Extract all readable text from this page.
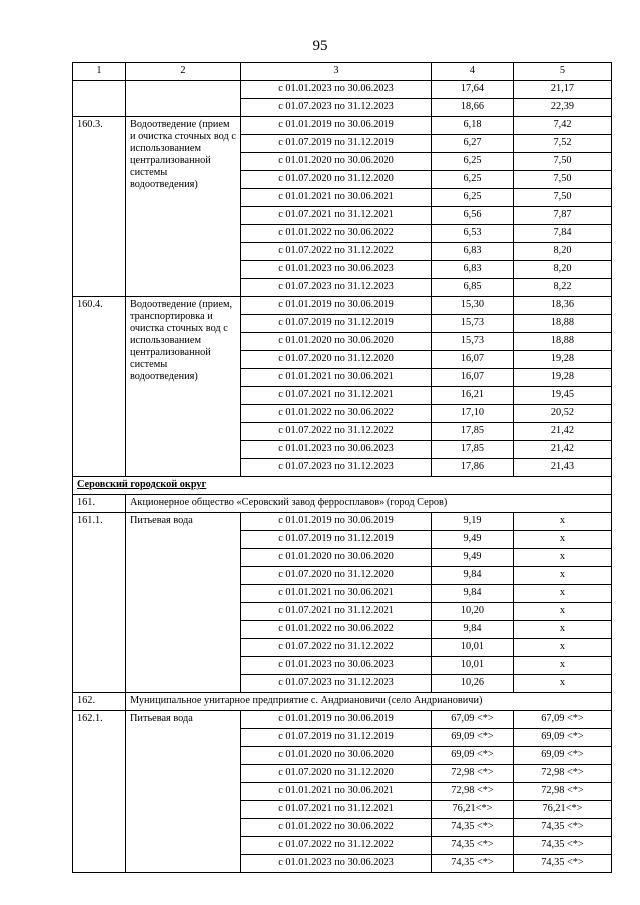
95
1	2	3	4	5
		с 01.01.2023 по 30.06.2023	17,64	21,17
		с 01.07.2023 по 31.12.2023	18,66	22,39
160.3.	Водоотведение (прием и очистка сточных вод с использованием централизованной системы водоотведения)	с 01.01.2019 по 30.06.2019	6,18	7,42
		с 01.07.2019 по 31.12.2019	6,27	7,52
		с 01.01.2020 по 30.06.2020	6,25	7,50
		с 01.07.2020 по 31.12.2020	6,25	7,50
		с 01.01.2021 по 30.06.2021	6,25	7,50
		с 01.07.2021 по 31.12.2021	6,56	7,87
		с 01.01.2022 по 30.06.2022	6,53	7,84
		с 01.07.2022 по 31.12.2022	6,83	8,20
		с 01.01.2023 по 30.06.2023	6,83	8,20
		с 01.07.2023 по 31.12.2023	6,85	8,22
160.4.	Водоотведение (прием, транспортировка и очистка сточных вод с использованием централизованной системы водоотведения)	с 01.01.2019 по 30.06.2019	15,30	18,36
		с 01.07.2019 по 31.12.2019	15,73	18,88
		с 01.01.2020 по 30.06.2020	15,73	18,88
		с 01.07.2020 по 31.12.2020	16,07	19,28
		с 01.01.2021 по 30.06.2021	16,07	19,28
		с 01.07.2021 по 31.12.2021	16,21	19,45
		с 01.01.2022 по 30.06.2022	17,10	20,52
		с 01.07.2022 по 31.12.2022	17,85	21,42
		с 01.01.2023 по 30.06.2023	17,85	21,42
		с 01.07.2023 по 31.12.2023	17,86	21,43
Серовский городской округ				
161.	Акционерное общество «Серовский завод ферросплавов» (город Серов)			
161.1.	Питьевая вода	с 01.01.2019 по 30.06.2019	9,19	x
		с 01.07.2019 по 31.12.2019	9,49	x
		с 01.01.2020 по 30.06.2020	9,49	x
		с 01.07.2020 по 31.12.2020	9,84	x
		с 01.01.2021 по 30.06.2021	9,84	x
		с 01.07.2021 по 31.12.2021	10,20	x
		с 01.01.2022 по 30.06.2022	9,84	x
		с 01.07.2022 по 31.12.2022	10,01	x
		с 01.01.2023 по 30.06.2023	10,01	x
		с 01.07.2023 по 31.12.2023	10,26	x
162.	Муниципальное унитарное предприятие с. Андриановичи (село Андриановичи)			
162.1.	Питьевая вода	с 01.01.2019 по 30.06.2019	67,09 <*>	67,09 <*>
		с 01.07.2019 по 31.12.2019	69,09 <*>	69,09 <*>
		с 01.01.2020 по 30.06.2020	69,09 <*>	69,09 <*>
		с 01.07.2020 по 31.12.2020	72,98 <*>	72,98 <*>
		с 01.01.2021 по 30.06.2021	72,98 <*>	72,98 <*>
		с 01.07.2021 по 31.12.2021	76,21<*>	76,21<*>
		с 01.01.2022 по 30.06.2022	74,35 <*>	74,35 <*>
		с 01.07.2022 по 31.12.2022	74,35 <*>	74,35 <*>
		с 01.01.2023 по 30.06.2023	74,35 <*>	74,35 <*>
